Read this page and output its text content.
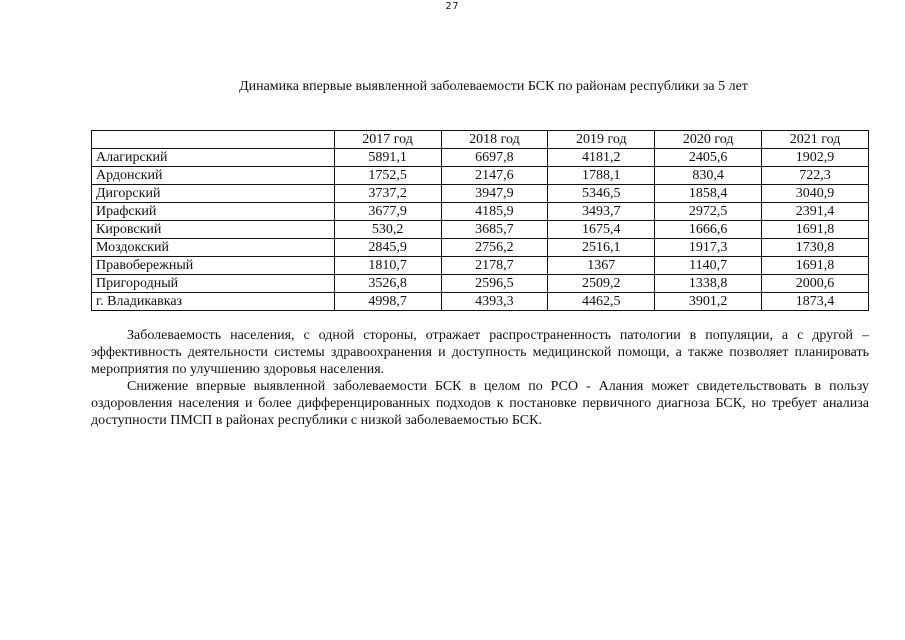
27
Динамика впервые выявленной заболеваемости БСК по районам республики за 5 лет
	2017 год	2018 год	2019 год	2020 год	2021 год
Алагирский	5891,1	6697,8	4181,2	2405,6	1902,9
Ардонский	1752,5	2147,6	1788,1	830,4	722,3
Дигорский	3737,2	3947,9	5346,5	1858,4	3040,9
Ирафский	3677,9	4185,9	3493,7	2972,5	2391,4
Кировский	530,2	3685,7	1675,4	1666,6	1691,8
Моздокский	2845,9	2756,2	2516,1	1917,3	1730,8
Правобережный	1810,7	2178,7	1367	1140,7	1691,8
Пригородный	3526,8	2596,5	2509,2	1338,8	2000,6
г. Владикавказ	4998,7	4393,3	4462,5	3901,2	1873,4

Заболеваемость населения, с одной стороны, отражает распространенность патологии в популяции, а с другой – эффективность деятельности системы здравоохранения и доступность медицинской помощи, а также позволяет планировать мероприятия по улучшению здоровья населения.

Снижение впервые выявленной заболеваемости БСК в целом по РСО - Алания может свидетельствовать в пользу оздоровления населения и более дифференцированных подходов к постановке первичного диагноза БСК, но требует анализа доступности ПМСП в районах республики с низкой заболеваемостью БСК.
